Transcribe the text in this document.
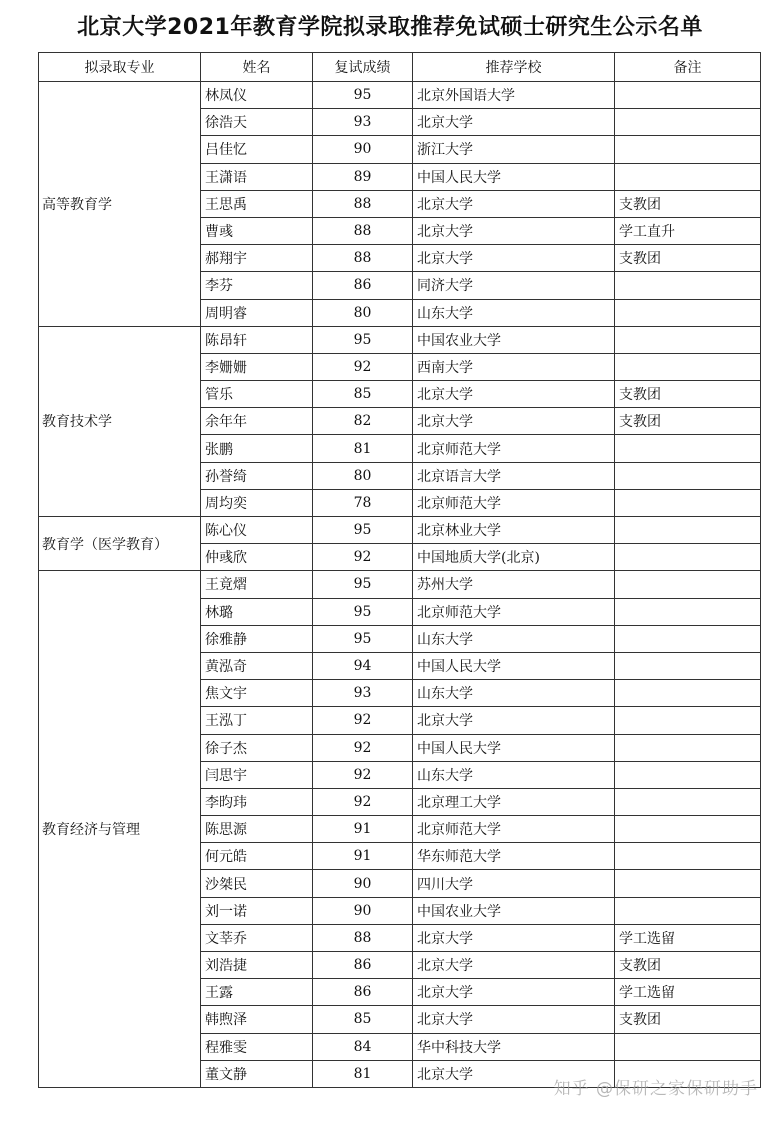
北京大学2021年教育学院拟录取推荐免试硕士研究生公示名单
拟录取专业	姓名	复试成绩	推荐学校	备注
高等教育学	林凤仪	95	北京外国语大学	
	徐浩天	93	北京大学	
	吕佳忆	90	浙江大学	
	王潇语	89	中国人民大学	
	王思禹	88	北京大学	支教团
	曹彧	88	北京大学	学工直升
	郝翔宇	88	北京大学	支教团
	李芬	86	同济大学	
	周明睿	80	山东大学	
教育技术学	陈昂轩	95	中国农业大学	
	李姗姗	92	西南大学	
	管乐	85	北京大学	支教团
	余年年	82	北京大学	支教团
	张鹏	81	北京师范大学	
	孙誉绮	80	北京语言大学	
	周均奕	78	北京师范大学	
教育学（医学教育）	陈心仪	95	北京林业大学	
	仲彧欣	92	中国地质大学(北京)	
教育经济与管理	王竟熠	95	苏州大学	
	林璐	95	北京师范大学	
	徐雅静	95	山东大学	
	黄泓奇	94	中国人民大学	
	焦文宇	93	山东大学	
	王泓丁	92	北京大学	
	徐子杰	92	中国人民大学	
	闫思宇	92	山东大学	
	李昀玮	92	北京理工大学	
	陈思源	91	北京师范大学	
	何元皓	91	华东师范大学	
	沙桀民	90	四川大学	
	刘一诺	90	中国农业大学	
	文莘乔	88	北京大学	学工选留
	刘浩捷	86	北京大学	支教团
	王露	86	北京大学	学工选留
	韩煦泽	85	北京大学	支教团
	程雅雯	84	华中科技大学	
	董文静	81	北京大学	
知乎 @保研之家保研助手
